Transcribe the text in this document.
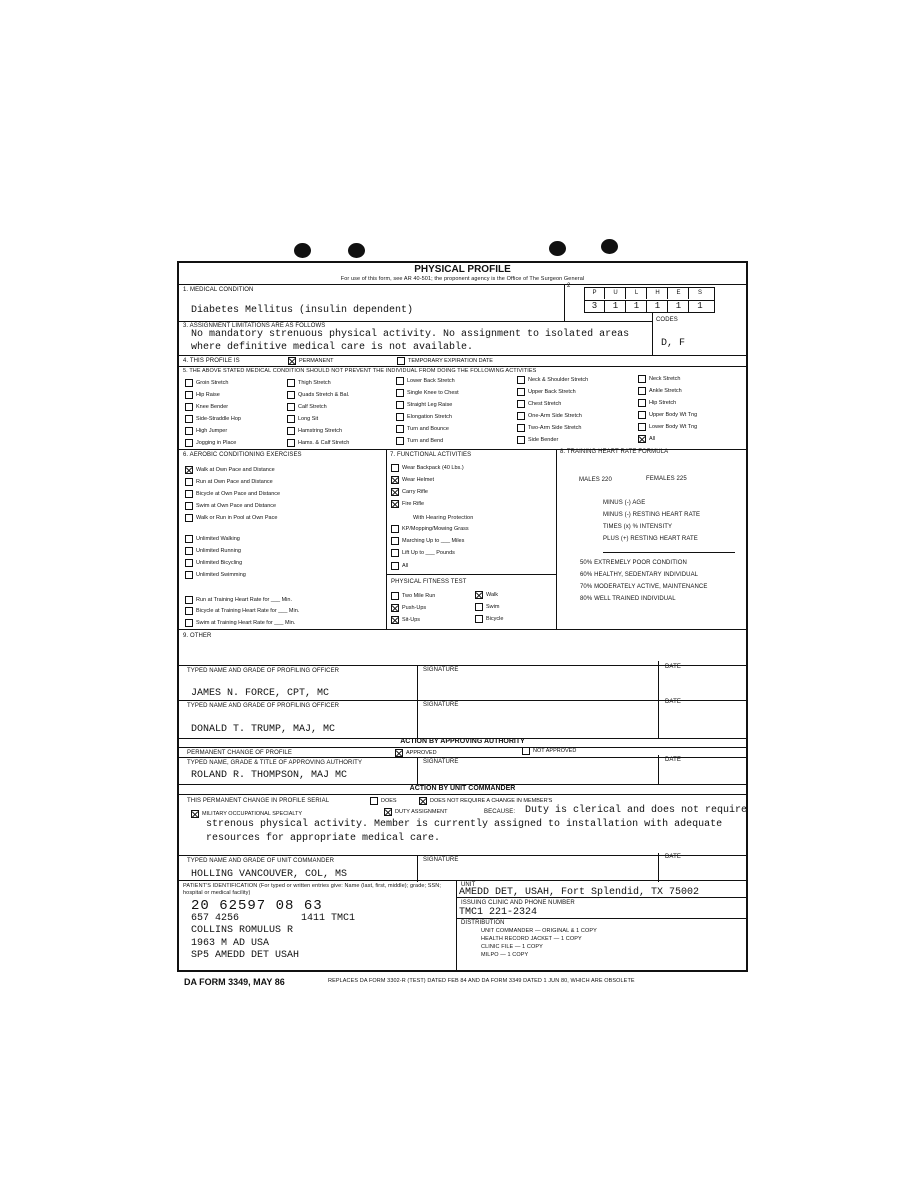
PHYSICAL PROFILE
For use of this form, see AR 40-501; the proponent agency is the Office of The Surgeon General
1. MEDICAL CONDITION
Diabetes Mellitus (insulin dependent)
2
P	U	L	H	E	S
3	1	1	1	1	1
3. ASSIGNMENT LIMITATIONS ARE AS FOLLOWS
No mandatory strenuous physical activity. No assignment to isolated areas
where definitive medical care is not available.
CODES
D, F
4. THIS PROFILE IS	PERMANENT	TEMPORARY EXPIRATION DATE
5. THE ABOVE STATED MEDICAL CONDITION SHOULD NOT PREVENT THE INDIVIDUAL FROM DOING THE FOLLOWING ACTIVITIES
Groin Stretch
Hip Raise
Knee Bender
Side-Straddle Hop
High Jumper
Jogging in Place
Thigh Stretch
Quads Stretch & Bal.
Calf Stretch
Long Sit
Hamstring Stretch
Hams. & Calf Stretch
Lower Back Stretch
Single Knee to Chest
Straight Leg Raise
Elongation Stretch
Turn and Bounce
Turn and Bend
Neck & Shoulder Stretch
Upper Back Stretch
Chest Stretch
One-Arm Side Stretch
Two-Arm Side Stretch
Side Bender
Neck Stretch
Ankle Stretch
Hip Stretch
Upper Body Wt Tng
Lower Body Wt Tng
All
6. AEROBIC CONDITIONING EXERCISES
Walk at Own Pace and Distance
Run at Own Pace and Distance
Bicycle at Own Pace and Distance
Swim at Own Pace and Distance
Walk or Run in Pool at Own Pace
Unlimited Walking
Unlimited Running
Unlimited Bicycling
Unlimited Swimming
Run at Training Heart Rate for ___ Min.
Bicycle at Training Heart Rate for ___ Min.
Swim at Training Heart Rate for ___ Min.
7. FUNCTIONAL ACTIVITIES
Wear Backpack (40 Lbs.)
Wear Helmet
Carry Rifle
Fire Rifle
With Hearing Protection
KP/Mopping/Mowing Grass
Marching Up to ___ Miles
Lift Up to ___ Pounds
All
PHYSICAL FITNESS TEST
Two Mile Run
Push-Ups
Sit-Ups
Walk
Swim
Bicycle
8. TRAINING HEART RATE FORMULA
MALES 220	FEMALES 225
MINUS (-) AGE
MINUS (-) RESTING HEART RATE
TIMES (x) % INTENSITY
PLUS (+) RESTING HEART RATE
50% EXTREMELY POOR CONDITION
60% HEALTHY, SEDENTARY INDIVIDUAL
70% MODERATELY ACTIVE, MAINTENANCE
80% WELL TRAINED INDIVIDUAL
9. OTHER
TYPED NAME AND GRADE OF PROFILING OFFICER
JAMES N. FORCE, CPT, MC
SIGNATURE	DATE
TYPED NAME AND GRADE OF PROFILING OFFICER
DONALD T. TRUMP, MAJ, MC
SIGNATURE	DATE
ACTION BY APPROVING AUTHORITY
PERMANENT CHANGE OF PROFILE	APPROVED	NOT APPROVED
TYPED NAME, GRADE & TITLE OF APPROVING AUTHORITY
ROLAND R. THOMPSON, MAJ MC
SIGNATURE	DATE
ACTION BY UNIT COMMANDER
THIS PERMANENT CHANGE IN PROFILE SERIAL	DOES	DOES NOT REQUIRE A CHANGE IN MEMBER'S
MILITARY OCCUPATIONAL SPECIALTY	DUTY ASSIGNMENT	BECAUSE: Duty is clerical and does not require
strenous physical activity. Member is currently assigned to installation with adequate
resources for appropriate medical care.
TYPED NAME AND GRADE OF UNIT COMMANDER
HOLLING VANCOUVER, COL, MS
SIGNATURE	DATE
PATIENT'S IDENTIFICATION (For typed or written entries give: Name (last, first, middle); grade; SSN; hospital or medical facility)
20 62597 08 63
657 4256	1411 TMC1
COLLINS ROMULUS R
1963 M AD USA
SP5 AMEDD DET USAH
UNIT
AMEDD DET, USAH, Fort Splendid, TX 75002
ISSUING CLINIC AND PHONE NUMBER
TMC1 221-2324
DISTRIBUTION
UNIT COMMANDER — ORIGINAL & 1 COPY
HEALTH RECORD JACKET — 1 COPY
CLINIC FILE — 1 COPY
MILPO — 1 COPY
DA FORM 3349, MAY 86	REPLACES DA FORM 3302-R (TEST) DATED FEB 84 AND DA FORM 3349 DATED 1 JUN 80, WHICH ARE OBSOLETE
